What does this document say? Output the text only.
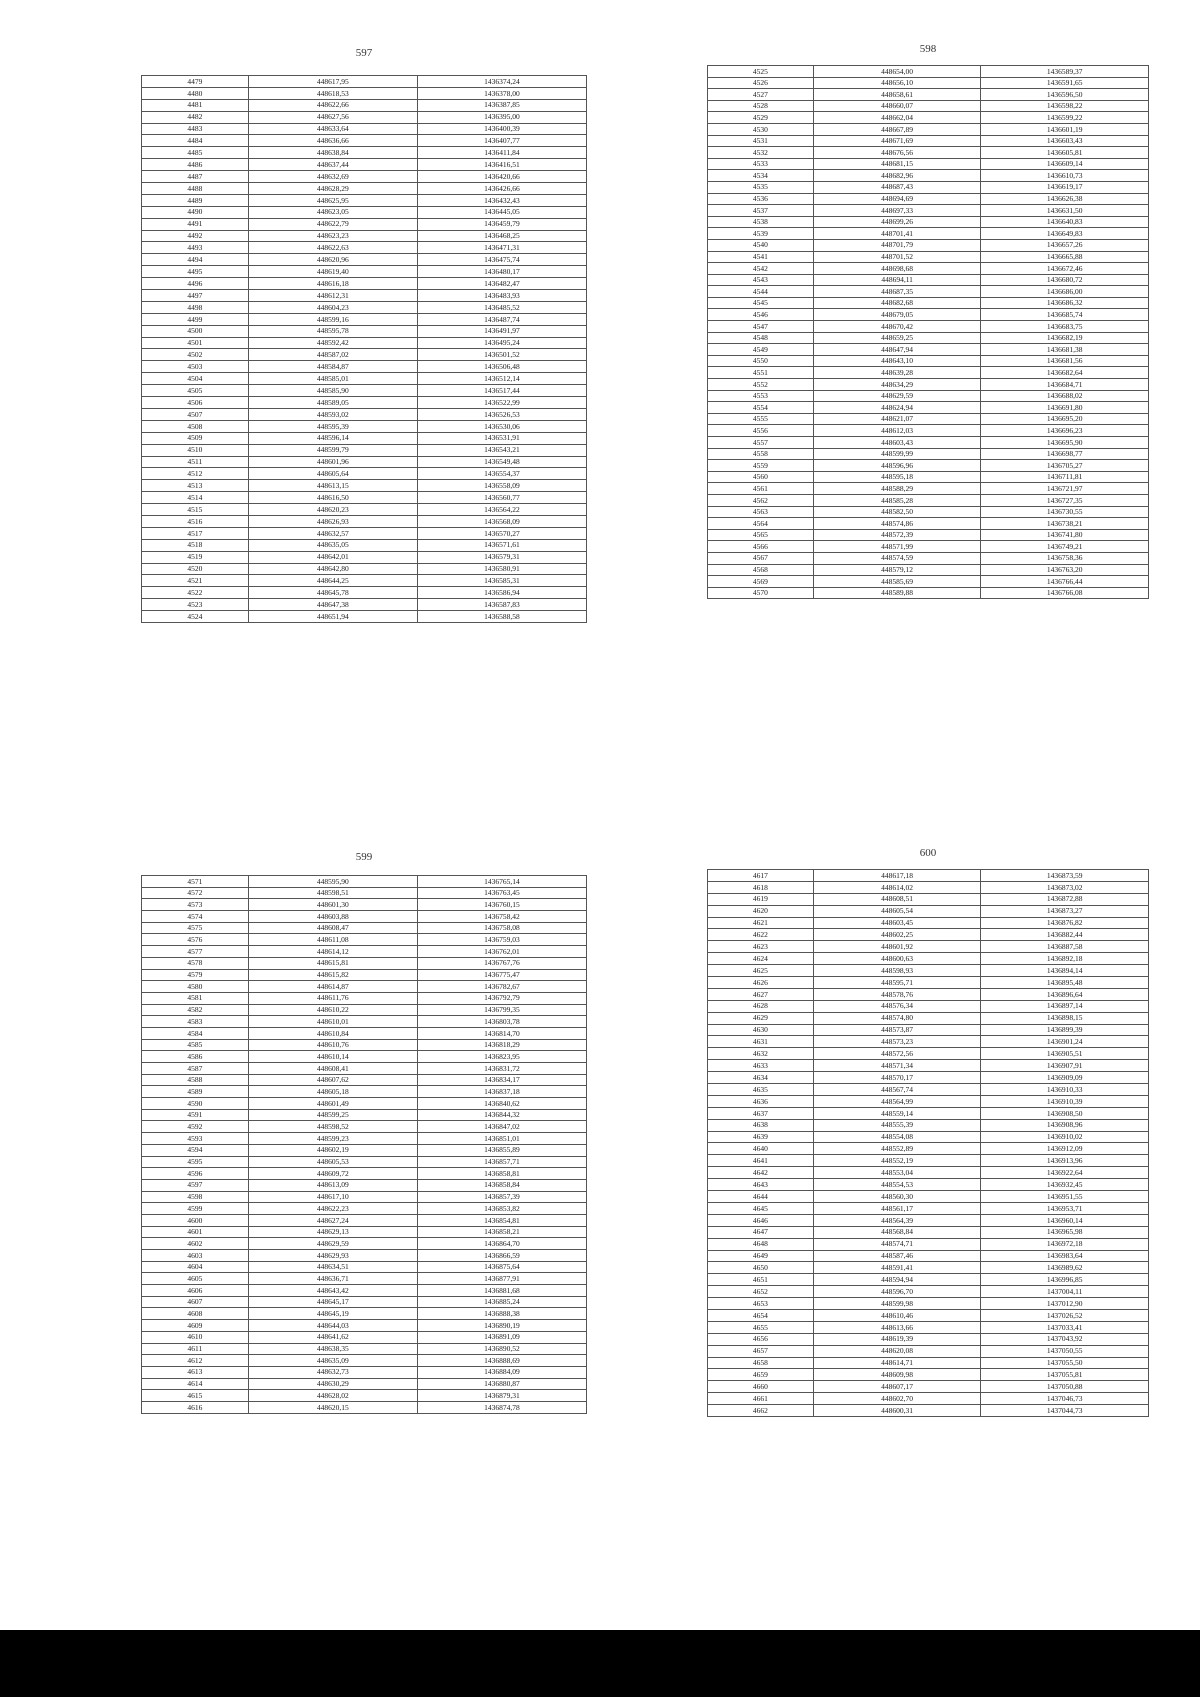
597
4479	448617,95	1436374,24
4480	448618,53	1436378,00
4481	448622,66	1436387,85
4482	448627,56	1436395,00
4483	448633,64	1436400,39
4484	448636,66	1436407,77
4485	448638,84	1436411,84
4486	448637,44	1436416,51
4487	448632,69	1436420,66
4488	448628,29	1436426,66
4489	448625,95	1436432,43
4490	448623,05	1436445,05
4491	448622,79	1436459,79
4492	448623,23	1436468,25
4493	448622,63	1436471,31
4494	448620,96	1436475,74
4495	448619,40	1436480,17
4496	448616,18	1436482,47
4497	448612,31	1436483,93
4498	448604,23	1436485,52
4499	448599,16	1436487,74
4500	448595,78	1436491,97
4501	448592,42	1436495,24
4502	448587,02	1436501,52
4503	448584,87	1436506,48
4504	448585,01	1436512,14
4505	448585,90	1436517,44
4506	448589,05	1436522,99
4507	448593,02	1436526,53
4508	448595,39	1436530,06
4509	448596,14	1436531,91
4510	448599,79	1436543,21
4511	448601,96	1436549,48
4512	448605,64	1436554,37
4513	448613,15	1436558,09
4514	448616,50	1436560,77
4515	448620,23	1436564,22
4516	448626,93	1436568,09
4517	448632,57	1436570,27
4518	448635,05	1436571,61
4519	448642,01	1436579,31
4520	448642,80	1436580,91
4521	448644,25	1436585,31
4522	448645,78	1436586,94
4523	448647,38	1436587,83
4524	448651,94	1436588,58
598
4525	448654,00	1436589,37
4526	448656,10	1436591,65
4527	448658,61	1436596,50
4528	448660,07	1436598,22
4529	448662,04	1436599,22
4530	448667,89	1436601,19
4531	448671,69	1436603,43
4532	448676,56	1436605,81
4533	448681,15	1436609,14
4534	448682,96	1436610,73
4535	448687,43	1436619,17
4536	448694,69	1436626,38
4537	448697,33	1436631,50
4538	448699,26	1436640,83
4539	448701,41	1436649,83
4540	448701,79	1436657,26
4541	448701,52	1436665,88
4542	448698,68	1436672,46
4543	448694,11	1436680,72
4544	448687,35	1436686,00
4545	448682,68	1436686,32
4546	448679,05	1436685,74
4547	448670,42	1436683,75
4548	448659,25	1436682,19
4549	448647,94	1436681,38
4550	448643,10	1436681,56
4551	448639,28	1436682,64
4552	448634,29	1436684,71
4553	448629,59	1436688,02
4554	448624,94	1436691,80
4555	448621,07	1436695,20
4556	448612,03	1436696,23
4557	448603,43	1436695,90
4558	448599,99	1436698,77
4559	448596,96	1436705,27
4560	448595,18	1436711,81
4561	448588,29	1436721,97
4562	448585,28	1436727,35
4563	448582,50	1436730,55
4564	448574,86	1436738,21
4565	448572,39	1436741,80
4566	448571,99	1436749,21
4567	448574,59	1436758,36
4568	448579,12	1436763,20
4569	448585,69	1436766,44
4570	448589,88	1436766,08
599
4571	448595,90	1436765,14
4572	448598,51	1436763,45
4573	448601,30	1436760,15
4574	448603,88	1436758,42
4575	448608,47	1436758,08
4576	448611,08	1436759,03
4577	448614,12	1436762,01
4578	448615,81	1436767,76
4579	448615,82	1436775,47
4580	448614,87	1436782,67
4581	448611,76	1436792,79
4582	448610,22	1436799,35
4583	448610,01	1436803,78
4584	448610,84	1436814,70
4585	448610,76	1436818,29
4586	448610,14	1436823,95
4587	448608,41	1436831,72
4588	448607,62	1436834,17
4589	448605,18	1436837,18
4590	448601,49	1436840,62
4591	448599,25	1436844,32
4592	448598,52	1436847,02
4593	448599,23	1436851,01
4594	448602,19	1436855,89
4595	448605,53	1436857,71
4596	448609,72	1436858,81
4597	448613,09	1436858,84
4598	448617,10	1436857,39
4599	448622,23	1436853,82
4600	448627,24	1436854,81
4601	448629,13	1436858,21
4602	448629,59	1436864,70
4603	448629,93	1436866,59
4604	448634,51	1436875,64
4605	448636,71	1436877,91
4606	448643,42	1436881,68
4607	448645,17	1436885,24
4608	448645,19	1436888,38
4609	448644,03	1436890,19
4610	448641,62	1436891,09
4611	448638,35	1436890,52
4612	448635,09	1436888,69
4613	448632,73	1436884,09
4614	448630,29	1436880,87
4615	448628,02	1436879,31
4616	448620,15	1436874,78
600
4617	448617,18	1436873,59
4618	448614,02	1436873,02
4619	448608,51	1436872,88
4620	448605,54	1436873,27
4621	448603,45	1436876,82
4622	448602,25	1436882,44
4623	448601,92	1436887,58
4624	448600,63	1436892,18
4625	448598,93	1436894,14
4626	448595,71	1436895,48
4627	448578,76	1436896,64
4628	448576,34	1436897,14
4629	448574,80	1436898,15
4630	448573,87	1436899,39
4631	448573,23	1436901,24
4632	448572,56	1436905,51
4633	448571,34	1436907,91
4634	448570,17	1436909,09
4635	448567,74	1436910,33
4636	448564,99	1436910,39
4637	448559,14	1436908,50
4638	448555,39	1436908,96
4639	448554,08	1436910,02
4640	448552,89	1436912,09
4641	448552,19	1436913,96
4642	448553,04	1436922,64
4643	448554,53	1436932,45
4644	448560,30	1436951,55
4645	448561,17	1436953,71
4646	448564,39	1436960,14
4647	448568,84	1436965,98
4648	448574,71	1436972,18
4649	448587,46	1436983,64
4650	448591,41	1436989,62
4651	448594,94	1436996,85
4652	448596,70	1437004,11
4653	448599,98	1437012,90
4654	448610,46	1437026,52
4655	448613,66	1437033,41
4656	448619,39	1437043,92
4657	448620,08	1437050,55
4658	448614,71	1437055,50
4659	448609,98	1437055,81
4660	448607,17	1437050,88
4661	448602,70	1437046,73
4662	448600,31	1437044,73
